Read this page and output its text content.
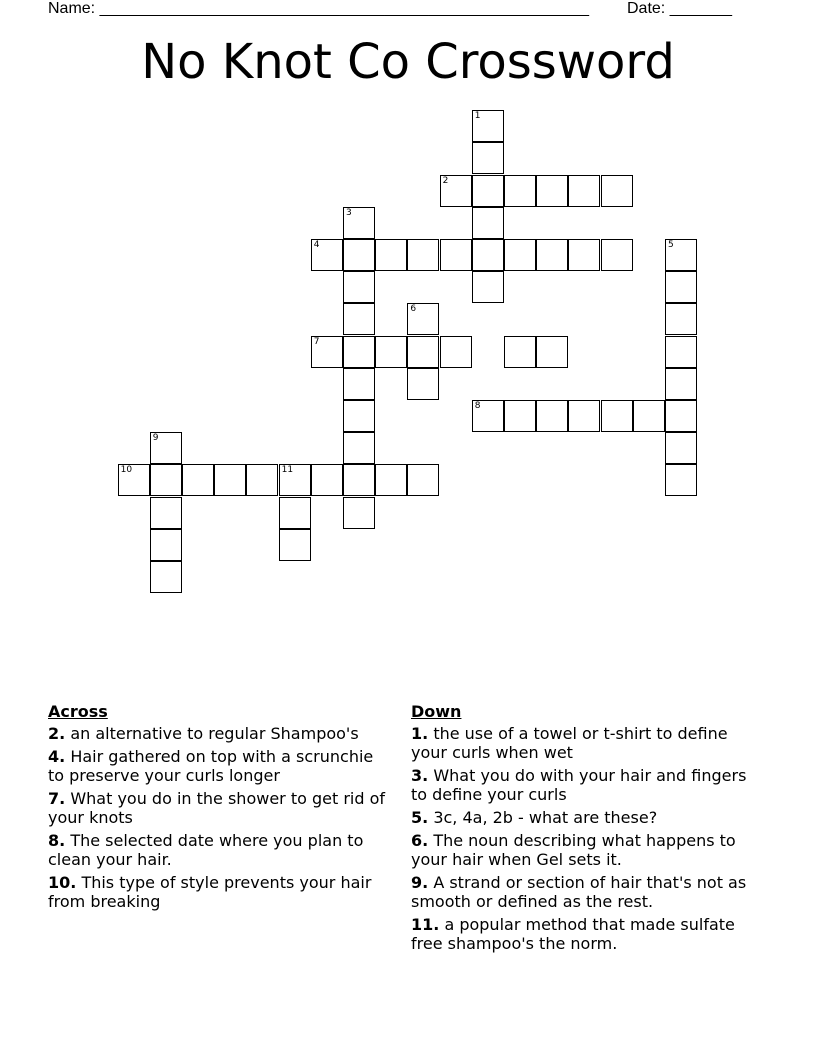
Name: _______________________________________________________ Date: _______
No Knot Co Crossword
1
2
3
4	5
6
7
8
9
10	11
Across
2. an alternative to regular Shampoo's
4. Hair gathered on top with a scrunchie to preserve your curls longer
7. What you do in the shower to get rid of your knots
8. The selected date where you plan to clean your hair.
10. This type of style prevents your hair from breaking
Down
1. the use of a towel or t-shirt to define your curls when wet
3. What you do with your hair and fingers to define your curls
5. 3c, 4a, 2b - what are these?
6. The noun describing what happens to your hair when Gel sets it.
9. A strand or section of hair that's not as smooth or defined as the rest.
11. a popular method that made sulfate free shampoo's the norm.
